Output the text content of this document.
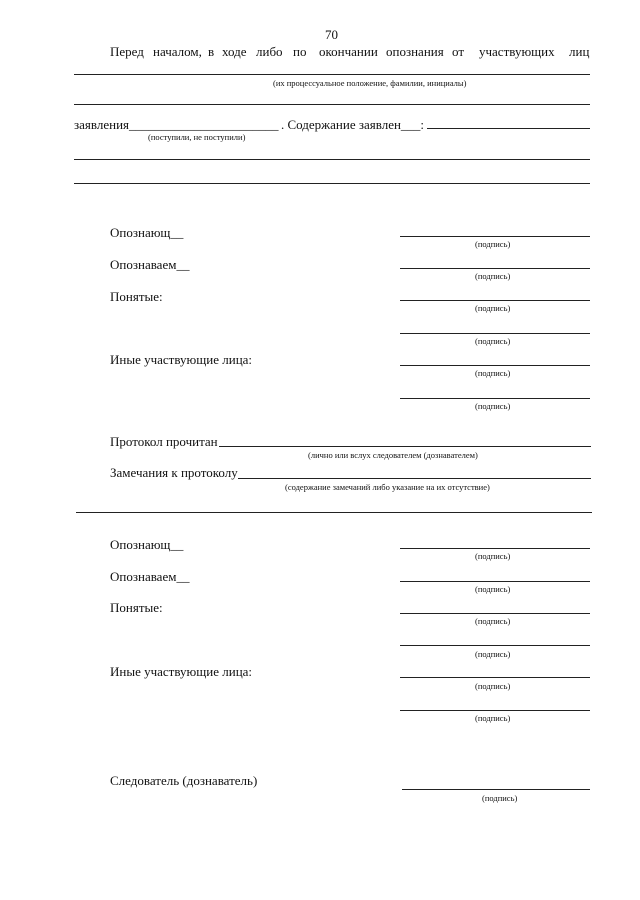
70
Перед началом, в ходе либо по окончании опознания от участвующих лиц
(их процессуальное положение, фамилии, инициалы)
заявления _______________________
(поступили, не поступили)
. Содержание заявлен___:
Опознающ__
(подпись)
Опознаваем__
(подпись)
Понятые:
(подпись)
(подпись)
Иные участвующие лица:
(подпись)
(подпись)
Протокол прочитан
(лично или вслух следователем (дознавателем)
Замечания к протоколу
(содержание замечаний либо указание на их отсутствие)
Опознающ__
(подпись)
Опознаваем__
(подпись)
Понятые:
(подпись)
(подпись)
Иные участвующие лица:
(подпись)
(подпись)
Следователь (дознаватель)
(подпись)
